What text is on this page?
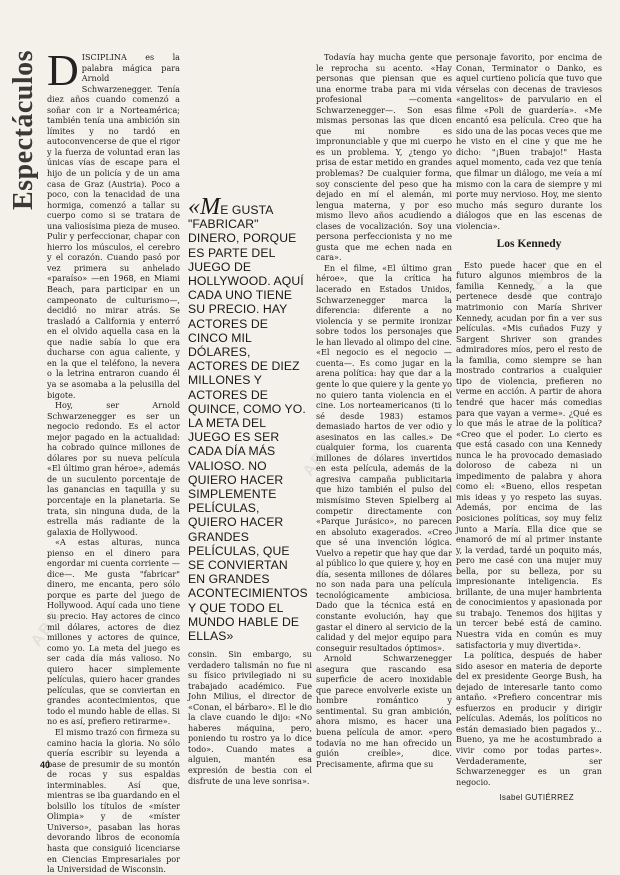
ABC
ABC
ABC
Espectáculos DISCIPLINA es la palabra mágica para Arnold Schwarzenegger. Tenía diez años cuando comenzó a soñar con ir a Norteamérica; también tenía una ambición sin límites y no tardó en autoconvencerse de que el rigor y la fuerza de voluntad eran las únicas vías de escape para el hijo de un policía y de un ama casa de Graz (Austria). Poco a poco, con la tenacidad de una hormiga, comenzó a tallar su cuerpo como si se tratara de una valiosísima pieza de museo. Pulir y perfeccionar, chapar con hierro los músculos, el cerebro y el corazón. Cuando pasó por vez primera su anhelado «paraíso» —en 1968, en Miami Beach, para participar en un campeonato de culturismo—, decidió no mirar atrás. Se trasladó a California y enterró en el olvido aquella casa en la que nadie sabía lo que era ducharse con agua caliente, y en la que el teléfono, la nevera o la letrina entraron cuando él ya se asomaba a la pelusilla del bigote.

Hoy, ser Arnold Schwarzenegger es ser un negocio redondo. Es el actor mejor pagado en la actualidad: ha cobrado quince millones de dólares por su nueva película «El último gran héroe», además de un suculento porcentaje de las ganancias en taquilla y su porcentaje en la planetaria. Se trata, sin ninguna duda, de la estrella más radiante de la galaxia de Hollywood.

«A estas alturas, nunca pienso en el dinero para engordar mi cuenta corriente —dice—. Me gusta "fabricar" dinero, me encanta, pero sólo porque es parte del juego de Hollywood. Aquí cada uno tiene su precio. Hay actores de cinco mil dólares, actores de diez millones y actores de quince, como yo. La meta del juego es ser cada día más valioso. No quiero hacer simplemente películas, quiero hacer grandes películas, que se conviertan en grandes acontecimientos, que todo el mundo hable de ellas. Si no es así, prefiero retirarme».

El mismo trazó con firmeza su camino hacia la gloria. No sólo quería escribir su leyenda a base de presumir de su montón de rocas y sus espaldas interminables. Así que, mientras se iba guardando en el bolsillo los títulos de «míster Olimpia» y de «míster Universo», pasaban las horas devorando libros de economía hasta que consiguió licenciarse en Ciencias Empresariales por la Universidad de Wisconsin.

«ME GUSTA "FABRICAR" DINERO, PORQUE ES PARTE DEL JUEGO DE HOLLYWOOD. AQUÍ CADA UNO TIENE SU PRECIO. HAY ACTORES DE CINCO MIL DÓLARES, ACTORES DE DIEZ MILLONES Y ACTORES DE QUINCE, COMO YO. LA META DEL JUEGO ES SER CADA DÍA MÁS VALIOSO. NO QUIERO HACER SIMPLEMENTE PELÍCULAS, QUIERO HACER GRANDES PELÍCULAS, QUE SE CONVIERTAN EN GRANDES ACONTECIMIENTOS Y QUE TODO EL MUNDO HABLE DE ELLAS»

consin. Sin embargo, su verdadero talismán no fue ni su físico privilegiado ni su trabajado académico. Fue John Milius, el director de «Conan, el bárbaro». El le dio la clave cuando le dijo: «No haberes máquina, pero, poniendo tu rostro ya lo dice todo». Cuando mates a alguien, mantén esa expresión de bestia con el disfrute de una leve sonrisa».

Todavía hay mucha gente que le reprocha su acento. «Hay personas que piensan que es una enorme traba para mi vida profesional —comenta Schwarzenegger—. Son esas mismas personas las que dicen que mi nombre es impronunciable y que mi cuerpo es un problema. Y, ¿tengo yo prisa de estar metido en grandes problemas? De cualquier forma, soy consciente del peso que ha dejado en mí el alemán, mi lengua materna, y por eso mismo llevo años acudiendo a clases de vocalización. Soy una persona perfeccionista y no me gusta que me echen nada en cara».

En el filme, «El último gran héroe», que la crítica ha lacerado en Estados Unidos, Schwarzenegger marca la diferencia: diferente a no violencia y se permite ironizar sobre todos los personajes que le han llevado al olimpo del cine. «El negocio es el negocio —cuenta—. Es como jugar en la arena política: hay que dar a la gente lo que quiere y la gente yo no quiero tanta violencia en el cine. Los norteamericanos (ti lo sé desde 1983) estamos demasiado hartos de ver odio y asesinatos en las calles.» De cualquier forma, los cuarenta millones de dólares invertidos en esta película, además de la agresiva campaña publicitaria que hizo también el pulso del mismísimo Steven Spielberg al competir directamente con «Parque Jurásico», no parecen en absoluto exagerados. «Creo que sé una invención lógica. Vuelvo a repetir que hay que dar al público lo que quiere y, hoy en día, sesenta millones de dólares no son nada para una película tecnológicamente ambiciosa. Dado que la técnica está en constante evolución, hay que gastar el dinero al servicio de la calidad y del mejor equipo para conseguir resultados óptimos».

Arnold Schwarzenegger asegura que rascando esa superficie de acero inoxidable que parece envolverle existe un hombre romántico y sentimental. Su gran ambición, ahora mismo, es hacer una buena película de amor. «pero todavía no me han ofrecido un guión creíble», dice. Precisamente, afirma que su

personaje favorito, por encima de Conan, Terminator o Danko, es aquel curtieno policía que tuvo que vérselas con decenas de traviesos «angelitos» de parvulario en el filme «Poli de guardería». «Me encantó esa película. Creo que ha sido una de las pocas veces que me he visto en el cine y que me he dicho: "¡Buen trabajo!" Hasta aquel momento, cada vez que tenía que filmar un diálogo, me veía a mí mismo con la cara de siempre y mi porte muy nervioso. Hoy, me siento mucho más seguro durante los diálogos que en las escenas de violencia».

Los Kennedy

Esto puede hacer que en el futuro algunos miembros de la familia Kennedy, a la que pertenece desde que contrajo matrimonio con María Shriver Kennedy, acudan por fin a ver sus películas. «Mis cuñados Fuzy y Sargent Shriver son grandes admiradores míos, pero el resto de la familia, como siempre se han mostrado contrarios a cualquier tipo de violencia, prefieren no verme en acción. A partir de ahora tendré que hacer más comedias para que vayan a verme». ¿Qué es lo que más le atrae de la política? «Creo que el poder. Lo cierto es que está casado con una Kennedy nunca le ha provocado demasiado doloroso de cabeza ni un impedimento de palabra y ahora como el: «Bueno, ellos respetan mis ideas y yo respeto las suyas. Además, por encima de las posiciones políticas, soy muy feliz junto a María. Ella dice que se enamoró de mí al primer instante y, la verdad, tardé un poquito más, pero me casé con una mujer muy bella, por su belleza, por su impresionante inteligencia. Es brillante, de una mujer hambrienta de conocimientos y apasionada por su trabajo. Tenemos dos hijitas y un tercer bebé está de camino. Nuestra vida en común es muy satisfactoria y muy divertida».

La política, después de haber sido asesor en materia de deporte del ex presidente George Bush, ha dejado de interesarle tanto como antaño. «Prefiero concentrar mis esfuerzos en producir y dirigir películas. Además, los políticos no están demasiado bien pagados y... Bueno, ya me he acostumbrado a vivir como por todas partes». Verdaderamente, ser Schwarzenegger es un gran negocio.

Isabel GUTIÉRREZ
40
